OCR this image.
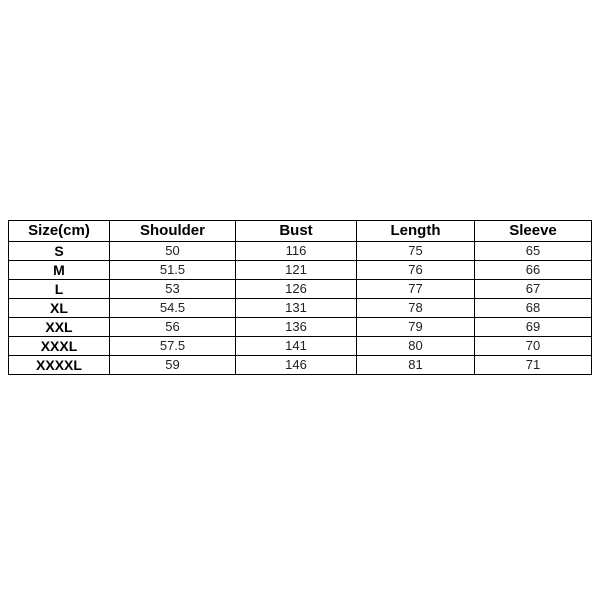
Size(cm)	Shoulder	Bust	Length	Sleeve
S	50	116	75	65
M	51.5	121	76	66
L	53	126	77	67
XL	54.5	131	78	68
XXL	56	136	79	69
XXXL	57.5	141	80	70
XXXXL	59	146	81	71
